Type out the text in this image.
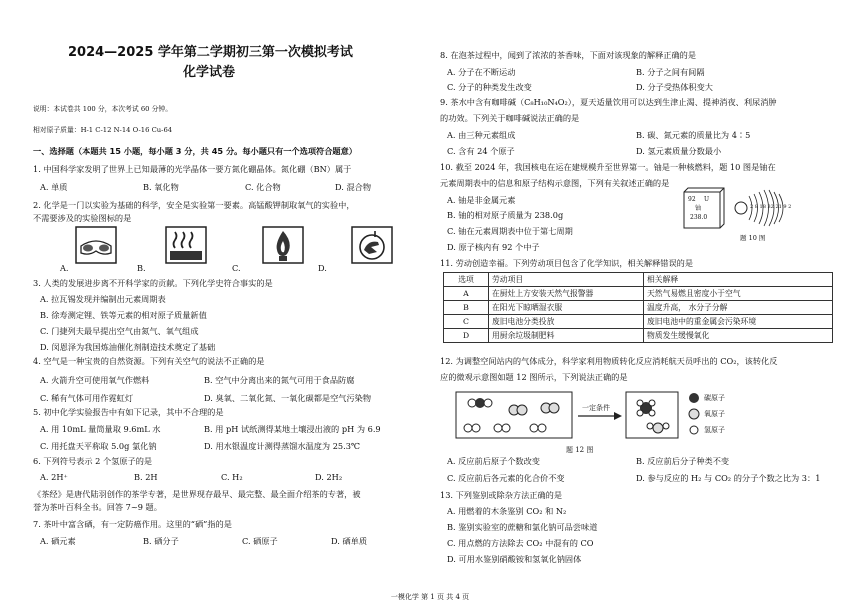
2024—2025 学年第二学期初三第一次模拟考试
化学试卷
说明：本试卷共 100 分，本次考试 60 分钟。
相对原子质量：H-1 C-12 N-14 O-16 Cu-64
一、选择题（本题共 15 小题，每小题 3 分，共 45 分。每小题只有一个选项符合题意）
1. 中国科学家发明了世界上已知最薄的光学晶体一要方氮化硼晶体。氮化硼（BN）属于
A. 单质	B. 氧化物	C. 化合物	D. 混合物
2. 化学是一门以实验为基础的科学，安全是实验第一要素。高锰酸钾制取氧气的实验中，
不需要涉及的实验图标的是
A.	B.	C.	D.
3. 人类的发展进步离不开科学家的贡献。下列化学史符合事实的是
A. 拉瓦锡发现并编制出元素周期表
B. 徐寿测定锂、铁等元素的相对原子质量新值
C. 门捷列夫最早提出空气由氮气、氧气组成
D. 闵恩泽为我国炼油催化剂制造技术奠定了基础
4. 空气是一种宝贵的自然资源。下列有关空气的说法不正确的是
A. 火箭升空可使用氧气作燃料	B. 空气中分离出来的氮气可用于食品防腐
C. 稀有气体可用作霓虹灯	D. 臭氧、二氧化氮、一氧化碳都是空气污染物
5. 初中化学实验报告中有如下记录，其中不合理的是
A. 用 10mL 量筒量取 9.6mL 水	B. 用 pH 试纸测得某地土壤浸出液的 pH 为 6.9
C. 用托盘天平称取 5.0g 氯化钠	D. 用水银温度计测得蒸馏水温度为 25.3℃
6. 下列符号表示 2 个氢原子的是
A. 2H⁺	B. 2H	C. H₂	D. 2H₂
《茶经》是唐代陆羽创作的茶学专著，是世界现存最早、最完整、最全面介绍茶的专著，被
誉为茶叶百科全书。回答 7~9 题。
7. 茶叶中富含硒，有一定防癌作用。这里的“硒”指的是
A. 硒元素	B. 硒分子	C. 硒原子	D. 硒单质
8. 在泡茶过程中，闻到了浓浓的茶香味，下面对该现象的解释正确的是
A. 分子在不断运动	B. 分子之间有间隔
C. 分子的种类发生改变	D. 分子受热体积变大
9. 茶水中含有咖啡碱（C₈H₁₀N₄O₂），夏天适量饮用可以达到生津止渴、提神消夜、利尿消肿
的功效。下列关于咖啡碱说法正确的是
A. 由三种元素组成	B. 碳、氮元素的质量比为 4∶5
C. 含有 24 个原子	D. 氢元素质量分数最小
10. 截至 2024 年，我国核电在运在建规模升至世界第一。铀是一种核燃料，题 10 图是铀在
元素周期表中的信息和原子结构示意图，下列有关叙述正确的是
A. 铀是非金属元素
B. 铀的相对原子质量为 238.0g
C. 铀在元素周期表中位于第七周期
D. 原子核内有 92 个中子
92 U
铀
238.0
2 8 18 32 21 9 2
题 10 图
11. 劳动创造幸福。下列劳动项目包含了化学知识，相关解释错误的是
选项	劳动项目	相关解释
A	在厨灶上方安装天然气报警器	天然气易燃且密度小于空气
B	在阳光下晾晒湿衣服	温度升高， 水分子分解
C	废旧电池分类投放	废旧电池中的重金属会污染环境
D	用厨余垃圾制肥料	物质发生缓慢氧化
12. 为调整空间站内的气体成分，科学家利用物质转化反应消耗航天员呼出的 CO₂，该转化反
应的微观示意图如题 12 图所示，下列说法正确的是
一定条件
碳原子
氧原子
氢原子
题 12 图
A. 反应前后原子个数改变	B. 反应前后分子种类不变
C. 反应前后各元素的化合价不变	D. 参与反应的 H₂ 与 CO₂ 的分子个数之比为 3：1
13. 下列鉴别或除杂方法正确的是
A. 用燃着的木条鉴别 CO₂ 和 N₂
B. 鉴别实验室的蔗糖和氯化钠可品尝味道
C. 用点燃的方法除去 CO₂ 中混有的 CO
D. 可用水鉴别硝酸铵和氢氧化钠固体
一模化学 第 1 页 共 4 页
